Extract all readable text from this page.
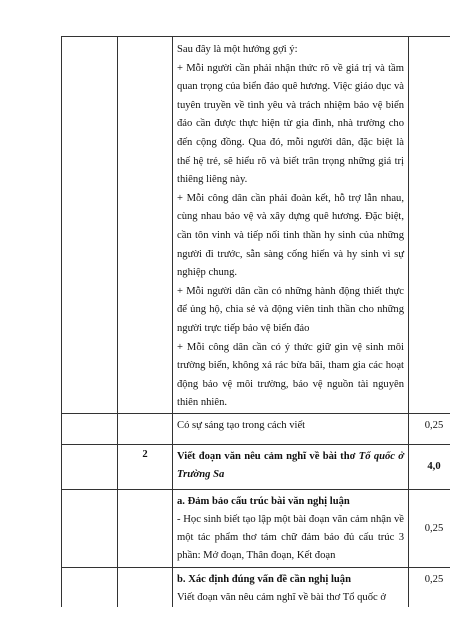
		Sau đây là một hướng gợi ý:

+ Mỗi người cần phải nhận thức rõ về giá trị và tầm quan trọng của biển đảo quê hương. Việc giáo dục và tuyên truyền về tình yêu và trách nhiệm bảo vệ biển đảo cần được thực hiện từ gia đình, nhà trường cho đến cộng đồng. Qua đó, mỗi người dân, đặc biệt là thế hệ trẻ, sẽ hiểu rõ và biết trân trọng những giá trị thiêng liêng này.

+ Mỗi công dân cần phải đoàn kết, hỗ trợ lẫn nhau, cùng nhau bảo vệ và xây dựng quê hương. Đặc biệt, cần tôn vinh và tiếp nối tinh thần hy sinh của những người đi trước, sẵn sàng cống hiến và hy sinh vì sự nghiệp chung.

+ Mỗi người dân cần có những hành động thiết thực để ủng hộ, chia sẻ và động viên tinh thần cho những người trực tiếp bảo vệ biển đảo

+ Mỗi công dân cần có ý thức giữ gìn vệ sinh môi trường biển, không xả rác bừa bãi, tham gia các hoạt động bảo vệ môi trường, bảo vệ nguồn tài nguyên thiên nhiên.	

		Có sự sáng tạo trong cách viết	0,25

	2	Viết đoạn văn nêu cảm nghĩ về bài thơ Tổ quốc ở Trường Sa	4,0

		a. Đảm bảo cấu trúc bài văn nghị luận

- Học sinh biết tạo lập một bài đoạn văn cảm nhận về một tác phẩm thơ tám chữ đảm bảo đủ cấu trúc 3 phần: Mở đoạn, Thân đoạn, Kết đoạn	0,25

		b. Xác định đúng vấn đề cần nghị luận

Viết đoạn văn nêu cảm nghĩ về bài thơ Tổ quốc ở	0,25
